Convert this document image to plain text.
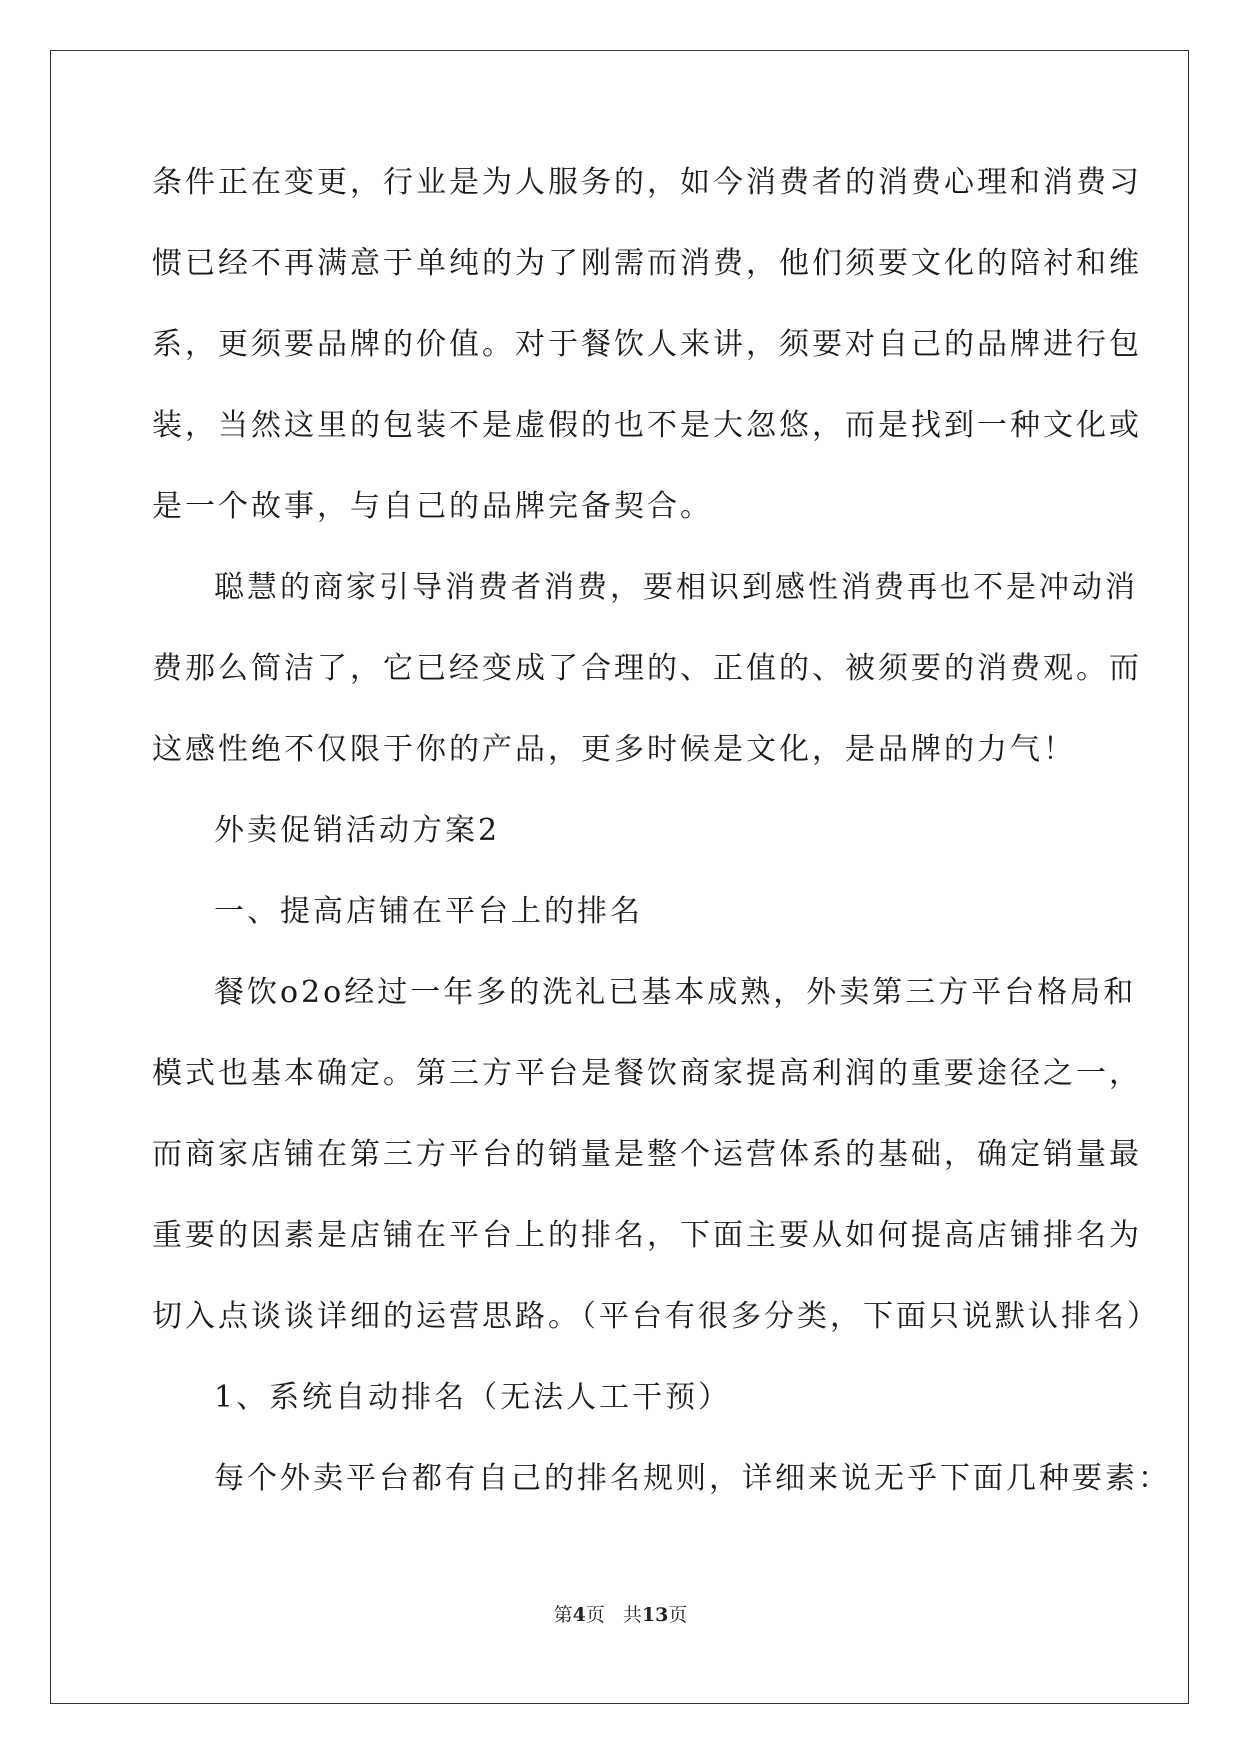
条件正在变更，行业是为人服务的，如今消费者的消费心理和消费习
惯已经不再满意于单纯的为了刚需而消费，他们须要文化的陪衬和维
系，更须要品牌的价值。对于餐饮人来讲，须要对自己的品牌进行包
装，当然这里的包装不是虚假的也不是大忽悠，而是找到一种文化或
是一个故事，与自己的品牌完备契合。
聪慧的商家引导消费者消费，要相识到感性消费再也不是冲动消
费那么简洁了，它已经变成了合理的、正值的、被须要的消费观。而
这感性绝不仅限于你的产品，更多时候是文化，是品牌的力气！
外卖促销活动方案2
一、提高店铺在平台上的排名
餐饮o2o经过一年多的洗礼已基本成熟，外卖第三方平台格局和
模式也基本确定。第三方平台是餐饮商家提高利润的重要途径之一，
而商家店铺在第三方平台的销量是整个运营体系的基础，确定销量最
重要的因素是店铺在平台上的排名，下面主要从如何提高店铺排名为
切入点谈谈详细的运营思路。（平台有很多分类，下面只说默认排名）
1、系统自动排名（无法人工干预）
每个外卖平台都有自己的排名规则，详细来说无乎下面几种要素：
第4页 共13页
